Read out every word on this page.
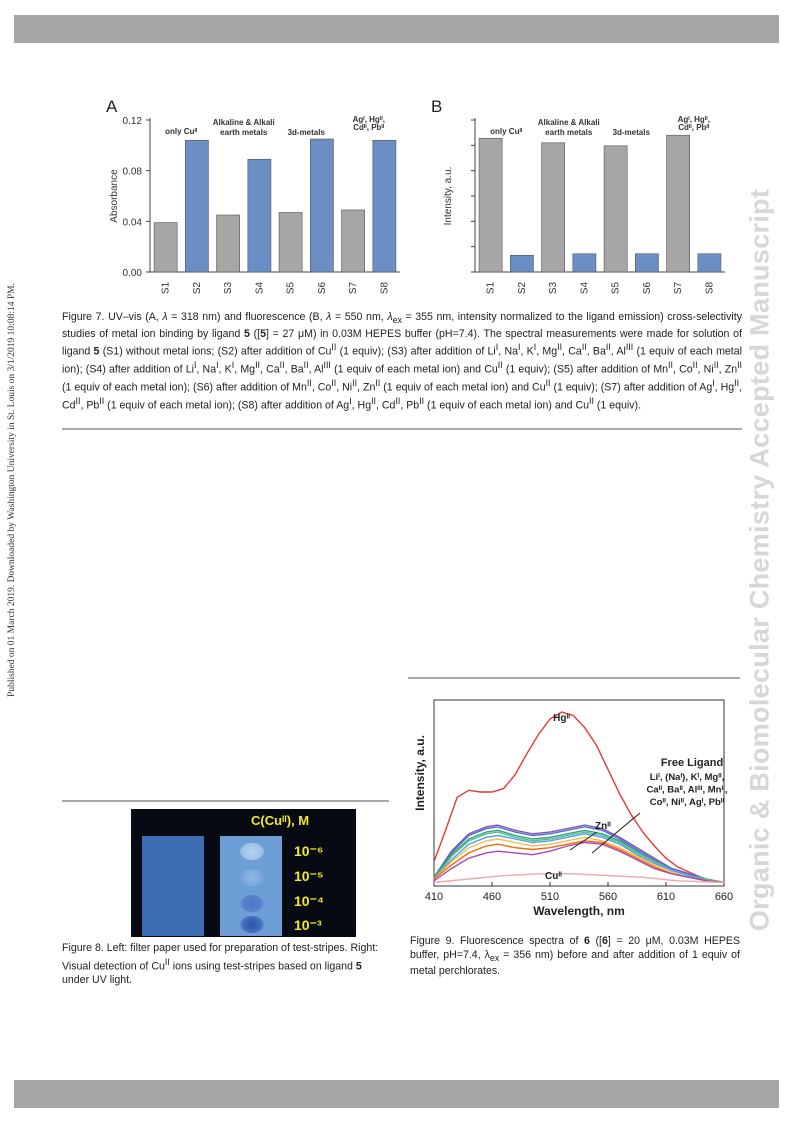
Published on 01 March 2019. Downloaded by Washington University in St. Louis on 3/1/2019 10:08:14 PM.	Organic & Biomolecular Chemistry Accepted Manuscript
A
0.00
0.04
0.08
0.12
Absorbance
S1 S2 S3 S4 S5 S6 S7 S8
only Cuᴵᴵ
Alkaline & Alkali
earth metals	3d-metals
Agᴵ, Hgᴵᴵ,
Cdᴵᴵ, Pbᴵᴵ
B
Intensity, a.u.
S1 S2 S3 S4 S5 S6 S7 S8
only Cuᴵᴵ
Alkaline & Alkali
earth metals	3d-metals
Agᴵ, Hgᴵᴵ,
Cdᴵᴵ, Pbᴵᴵ
Figure 7. UV–vis (A, λ = 318 nm) and fluorescence (B, λ = 550 nm, $\lambda_{ex} = 355$ nm, intensity normalized to the ligand emission) cross-selectivity studies of metal ion binding by ligand 5 ([5] = 27 μM) in 0.03M HEPES buffer (pH=7.4). The spectral measurements were made for solution of ligand 5 (S1) without metal ions; (S2) after addition of $Cu^{II}$ (1 equiv); (S3) after addition of $Li^I$, $Na^I$, $K^I$, $Mg^{II}$, $Ca^{II}$, $Ba^{II}$, $Al^{III}$ (1 equiv of each metal ion); (S4) after addition of $Li^I$, $Na^I$, $K^I$, $Mg^{II}$, $Ca^{II}$, $Ba^{II}$, $Al^{III}$ (1 equiv of each metal ion) and $Cu^{II}$ (1 equiv); (S5) after addition of $Mn^{II}$, $Co^{II}$, $Ni^{II}$, $Zn^{II}$ (1 equiv of each metal ion); (S6) after addition of $Mn^{II}$, $Co^{II}$, $Ni^{II}$, $Zn^{II}$ (1 equiv of each metal ion) and $Cu^{II}$ (1 equiv); (S7) after addition of $Ag^I$, $Hg^{II}$, $Cd^{II}$, $Pb^{II}$ (1 equiv of each metal ion); (S8) after addition of $Ag^I$, $Hg^{II}$, $Cd^{II}$, $Pb^{II}$ (1 equiv of each metal ion) and $Cu^{II}$ (1 equiv).
C(Cuᴵᴵ), M
10⁻⁶
10⁻⁵
10⁻⁴
10⁻³
Figure 8. Left: filter paper used for preparation of test-stripes. Right: Visual detection of $Cu^{II}$ ions using test-stripes based on ligand 5 under UV light.
410	460	510	560	610	660
Wavelength, nm
Intensity, a.u.
Hgᴵᴵ
Free Ligand
Liᴵ, (Naᴵ), Kᴵ, Mgᴵᴵ,
Caᴵᴵ, Baᴵᴵ, Alᴵᴵᴵ, Mnᴵᴵ,
Coᴵᴵ, Niᴵᴵ, Agᴵ, Pbᴵᴵ
Znᴵᴵ
Cuᴵᴵ
Figure 9. Fluorescence spectra of 6 ([6] = 20 μM, 0.03M HEPES buffer, pH=7.4, $\lambda_{ex} = 356$ nm) before and after addition of 1 equiv of metal perchlorates.
